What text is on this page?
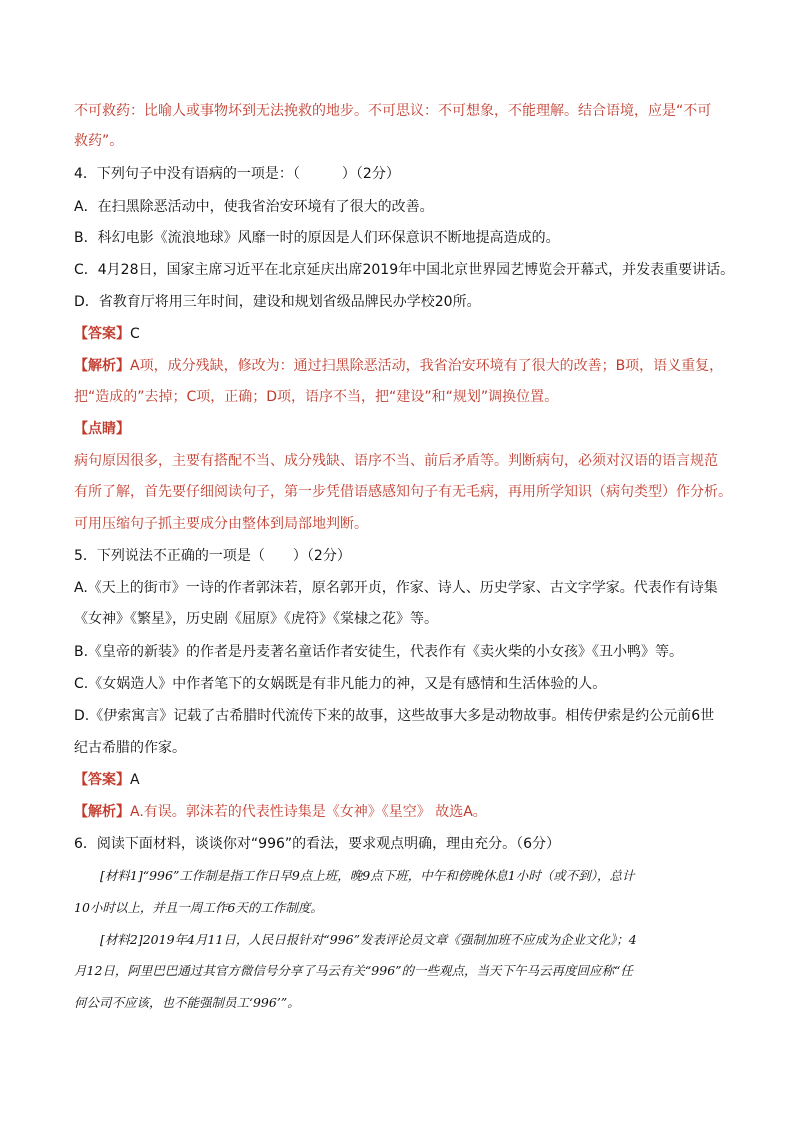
不可救药：比喻人或事物坏到无法挽救的地步。不可思议：不可想象，不能理解。结合语境，应是“不可
救药”。
4．下列句子中没有语病的一项是：（　　　）（2分）
A．在扫黑除恶活动中，使我省治安环境有了很大的改善。
B．科幻电影《流浪地球》风靡一时的原因是人们环保意识不断地提高造成的。
C．4月28日，国家主席习近平在北京延庆出席2019年中国北京世界园艺博览会开幕式，并发表重要讲话。
D．省教育厅将用三年时间，建设和规划省级品牌民办学校20所。
【答案】C
【解析】A项，成分残缺，修改为：通过扫黑除恶活动，我省治安环境有了很大的改善；B项，语义重复，
把“造成的”去掉；C项，正确；D项，语序不当，把“建设”和“规划”调换位置。
【点睛】
病句原因很多，主要有搭配不当、成分残缺、语序不当、前后矛盾等。判断病句，必须对汉语的语言规范
有所了解，首先要仔细阅读句子，第一步凭借语感感知句子有无毛病，再用所学知识（病句类型）作分析。
可用压缩句子抓主要成分由整体到局部地判断。
5．下列说法不正确的一项是（　　）（2分）
A.《天上的街市》一诗的作者郭沫若，原名郭开贞，作家、诗人、历史学家、古文字学家。代表作有诗集
《女神》《繁星》，历史剧《屈原》《虎符》《棠棣之花》等。
B.《皇帝的新装》的作者是丹麦著名童话作者安徒生，代表作有《卖火柴的小女孩》《丑小鸭》等。
C.《女娲造人》中作者笔下的女娲既是有非凡能力的神，又是有感情和生活体验的人。
D.《伊索寓言》记载了古希腊时代流传下来的故事，这些故事大多是动物故事。相传伊索是约公元前6世
纪古希腊的作家。
【答案】A
【解析】A.有误。郭沫若的代表性诗集是《女神》《星空》 故选A。
6．阅读下面材料，谈谈你对“996”的看法，要求观点明确，理由充分。（6分）
[材料1]“996”工作制是指工作日早9点上班，晚9点下班，中午和傍晚休息1小时（或不到），总计
10小时以上，并且一周工作6天的工作制度。
[材料2]2019年4月11日，人民日报针对“996”发表评论员文章《强制加班不应成为企业文化》；4
月12日，阿里巴巴通过其官方微信号分享了马云有关“996”的一些观点，当天下午马云再度回应称“任
何公司不应该，也不能强制员工‘996’”。
